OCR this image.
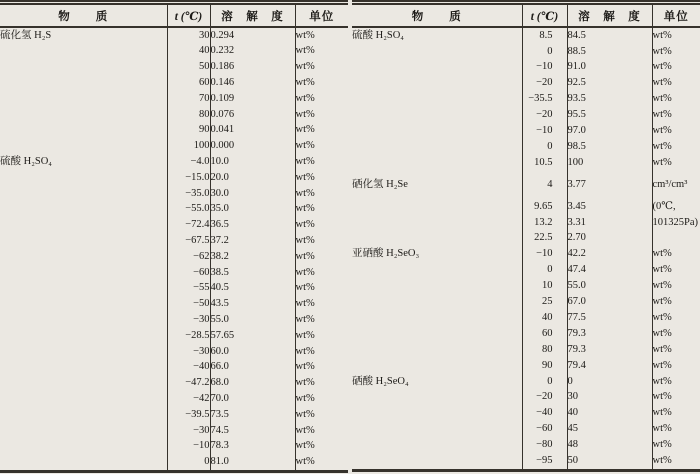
物　　质	t (℃)	溶　解　度	单位
硫化氢 H₂S	30	0.294	wt%
	40	0.232	wt%
	50	0.186	wt%
	60	0.146	wt%
	70	0.109	wt%
	80	0.076	wt%
	90	0.041	wt%
	100	0.000	wt%
硫酸 H₂SO₄	−4.0	10.0	wt%
	−15.0	20.0	wt%
	−35.0	30.0	wt%
	−55.0	35.0	wt%
	−72.4	36.5	wt%
	−67.5	37.2	wt%
	−62	38.2	wt%
	−60	38.5	wt%
	−55	40.5	wt%
	−50	43.5	wt%
	−30	55.0	wt%
	−28.5	57.65	wt%
	−30	60.0	wt%
	−40	66.0	wt%
	−47.2	68.0	wt%
	−42	70.0	wt%
	−39.5	73.5	wt%
	−30	74.5	wt%
	−10	78.3	wt%
	0	81.0	wt%
物　　质	t (℃)	溶　解　度	单位
硫酸 H₂SO₄	8.5	84.5	wt%
	0	88.5	wt%
	−10	91.0	wt%
	−20	92.5	wt%
	−35.5	93.5	wt%
	−20	95.5	wt%
	−10	97.0	wt%
	0	98.5	wt%
	10.5	100	wt%
硒化氢 H₂Se	4	3.77	cm³/cm³
	9.65	3.45	(0℃,
	13.2	3.31	101325Pa)
	22.5	2.70	
亚硒酸 H₂SeO₃	−10	42.2	wt%
	0	47.4	wt%
	10	55.0	wt%
	25	67.0	wt%
	40	77.5	wt%
	60	79.3	wt%
	80	79.3	wt%
	90	79.4	wt%
硒酸 H₂SeO₄	0	0	wt%
	−20	30	wt%
	−40	40	wt%
	−60	45	wt%
	−80	48	wt%
	−95	50	wt%
